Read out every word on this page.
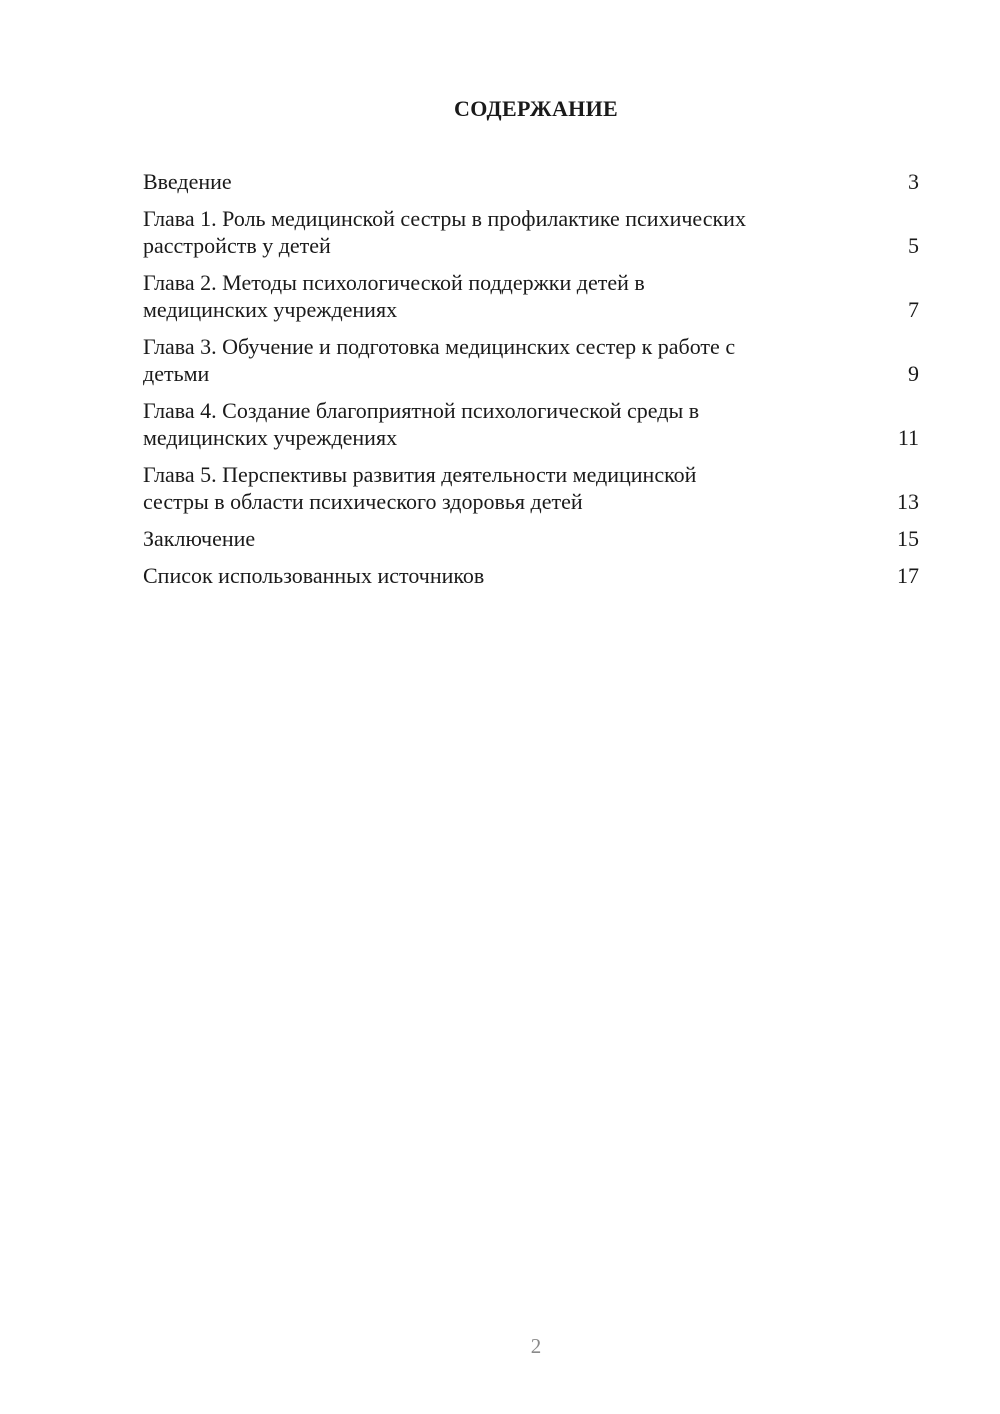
СОДЕРЖАНИЕ
Введение	3
Глава 1. Роль медицинской сестры в профилактике психических
расстройств у детей	5
Глава 2. Методы психологической поддержки детей в
медицинских учреждениях	7
Глава 3. Обучение и подготовка медицинских сестер к работе с
детьми	9
Глава 4. Создание благоприятной психологической среды в
медицинских учреждениях	11
Глава 5. Перспективы развития деятельности медицинской
сестры в области психического здоровья детей	13
Заключение	15
Список использованных источников	17
2
